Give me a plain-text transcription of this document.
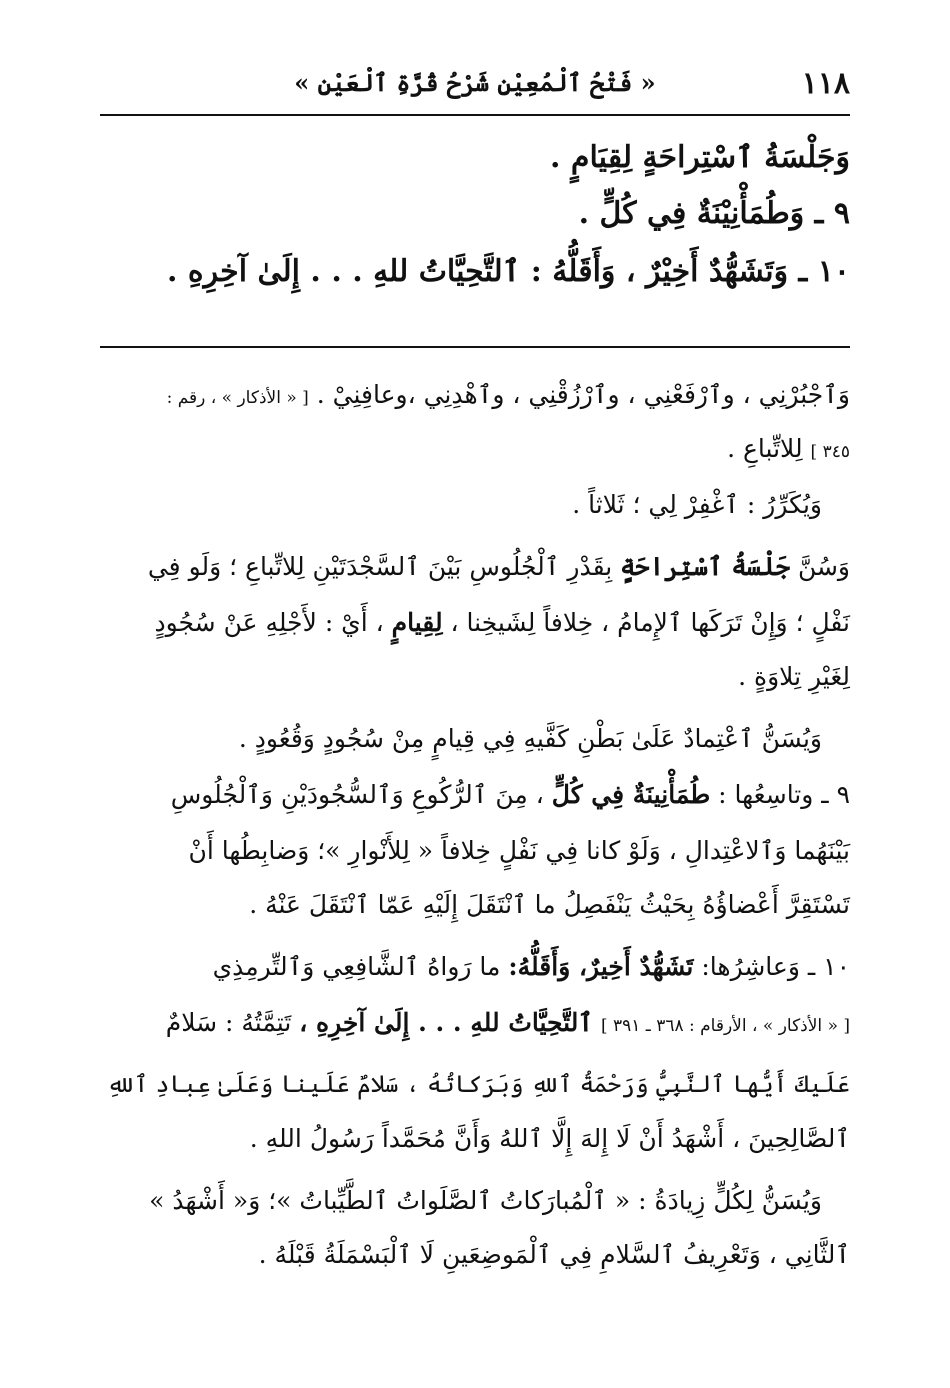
١١٨
« فَتْحُ ٱلْمُعِيْنِ شَرْحُ قُرَّةِ ٱلْعَيْنِ »
وَجَلْسَةُ ٱسْتِراحَةٍ لِقِيَامٍ .
٩ ـ وَطُمَأْنِيْنَةٌ فِي كُلٍّ .
١٠ ـ وَتَشَهُّدٌ أَخِيْرٌ ، وَأَقَلُّهُ : ٱلتَّحِيَّاتُ للهِ . . . إِلَىٰ آخِرِهِ .
وَٱجْبُرْنِي ، وٱرْفَعْنِي ، وٱرْزُقْنِي ، وٱهْدِنِي ،وعافِنِيْ . [ « الأذكار » ، رقم :
٣٤٥ ] لِلاتِّباعِ .
وَيُكَرِّرُ : ٱغْفِرْ لِي ؛ ثَلاثاً .
وَسُنَّ جَلْسَةُ ٱسْتِراحَةٍ بِقَدْرِ ٱلْجُلُوسِ بَيْنَ ٱلسَّجْدَتَيْنِ لِلاتِّباعِ ؛ وَلَو فِي
نَفْلٍ ؛ وَإِنْ تَرَكَها ٱلإِمامُ ، خِلافاً لِشَيخِنا ، لِقِيامٍ ، أَيْ : لأَجْلِهِ عَنْ سُجُودٍ
لِغَيْرِ تِلاوَةٍ .
وَيُسَنُّ ٱعْتِمادٌ عَلَىٰ بَطْنِ كَفَّيهِ فِي قِيامٍ مِنْ سُجُودٍ وَقُعُودٍ .
٩ ـ وتاسِعُها : طُمَأْنِينَةٌ فِي كُلٍّ ، مِنَ ٱلرُّكُوعِ وَٱلسُّجُودَيْنِ وَٱلْجُلُوسِ
بَيْنَهُما وَٱلاعْتِدالِ ، وَلَوْ كانا فِي نَفْلٍ خِلافاً « لِلأَنْوارِ »؛ وَضابِطُها أَنْ
تَسْتَقِرَّ أَعْضاؤُهُ بِحَيْثُ يَنْفَصِلُ ما ٱنْتَقَلَ إِلَيْهِ عَمّا ٱنْتَقَلَ عَنْهُ .
١٠ ـ وَعاشِرُها: تَشَهُّدٌ أَخِيرٌ، وَأَقَلُّهُ: ما رَواهُ ٱلشَّافِعِي وَٱلتِّرمِذِي
[ « الأذكار » ، الأرقام : ٣٦٨ ـ ٣٩١ ] ٱلتَّحِيَّاتُ للهِ . . . إِلَىٰ آخِرِهِ ، تَتِمَّتُهُ : سَلامٌ
عَلَيكَ أَيُّها ٱلنَّبِيُّ وَرَحْمَةُ ٱللهِ وَبَرَكاتُهُ ، سَلامٌ عَلَينا وَعَلَىٰ عِبادِ ٱللهِ
ٱلصَّالِحِينَ ، أَشْهَدُ أَنْ لَا إِلهَ إِلَّا ٱللهُ وَأَنَّ مُحَمَّداً رَسُولُ اللهِ .
وَيُسَنُّ لِكُلٍّ زِيادَةُ : « ٱلْمُبارَكاتُ ٱلصَّلَواتُ ٱلطَّيِّباتُ »؛ وَ« أَشْهَدُ »
ٱلثَّانِي ، وَتَعْرِيفُ ٱلسَّلامِ فِي ٱلْمَوضِعَينِ لَا ٱلْبَسْمَلَةُ قَبْلَهُ .
